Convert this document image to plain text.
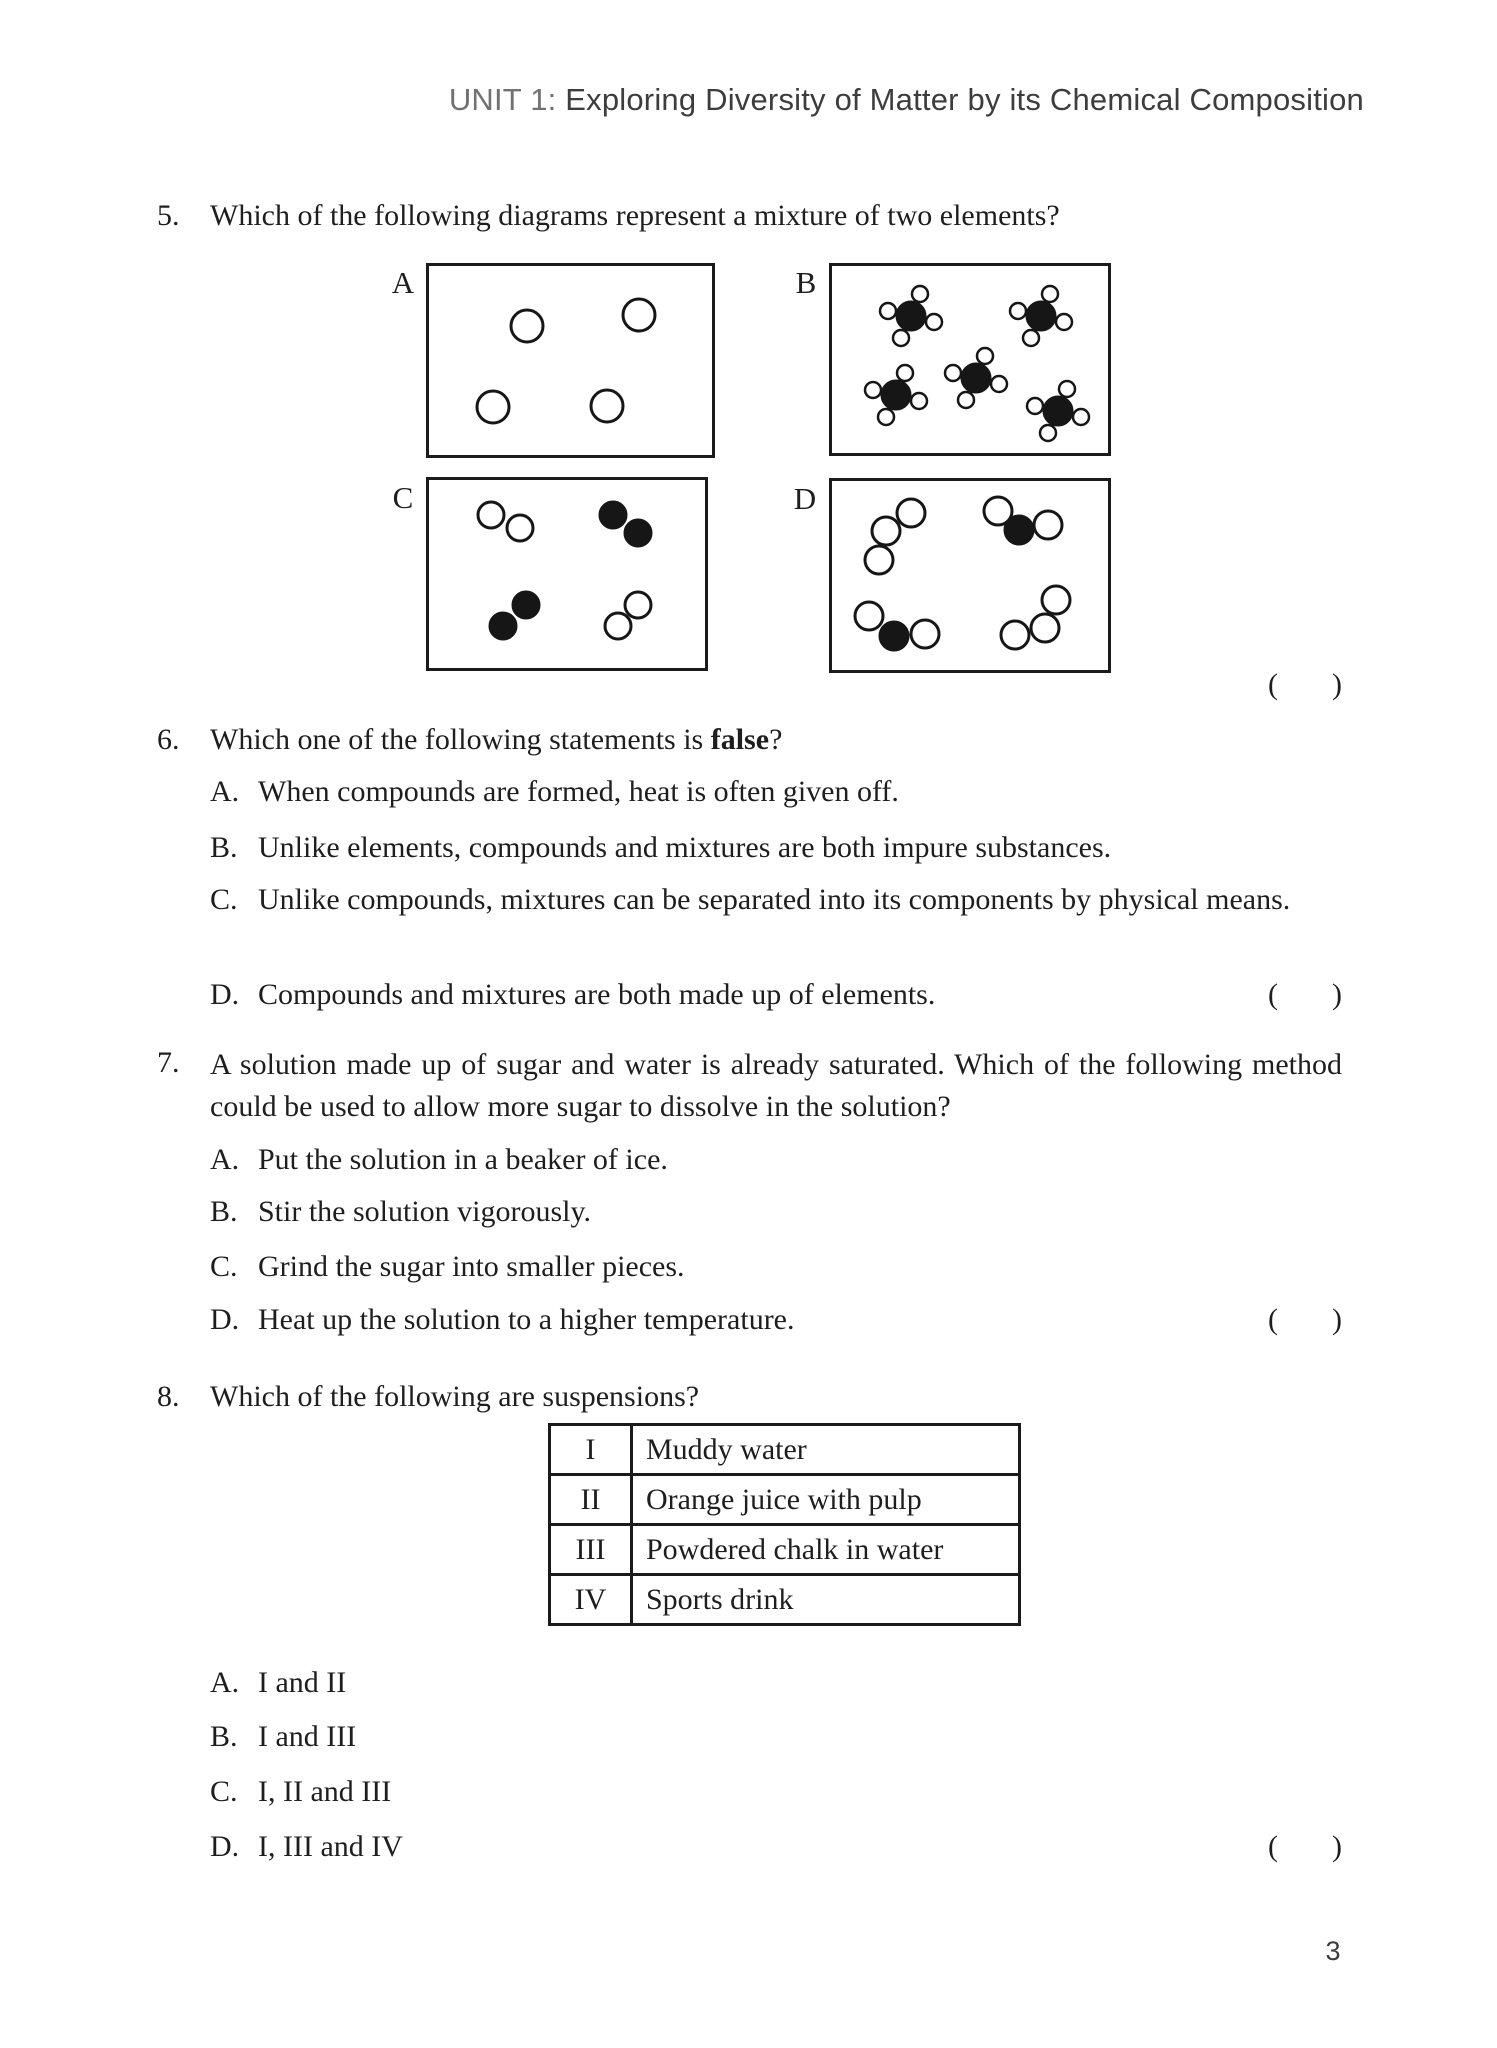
UNIT 1: Exploring Diversity of Matter by its Chemical Composition
5.	Which of the following diagrams represent a mixture of two elements?
A	B
C	D
( )
6.	Which one of the following statements is false?
A. When compounds are formed, heat is often given off.
B. Unlike elements, compounds and mixtures are both impure substances.
C. Unlike compounds, mixtures can be separated into its components by physical means.
D. Compounds and mixtures are both made up of elements.	( )
7.	A solution made up of sugar and water is already saturated. Which of the following method could be used to allow more sugar to dissolve in the solution?
A. Put the solution in a beaker of ice.
B. Stir the solution vigorously.
C. Grind the sugar into smaller pieces.
D. Heat up the solution to a higher temperature.	( )
8.	Which of the following are suspensions?
I	Muddy water
II	Orange juice with pulp
III	Powdered chalk in water
IV	Sports drink
A. I and II
B. I and III
C. I, II and III
D. I, III and IV	( )
3
